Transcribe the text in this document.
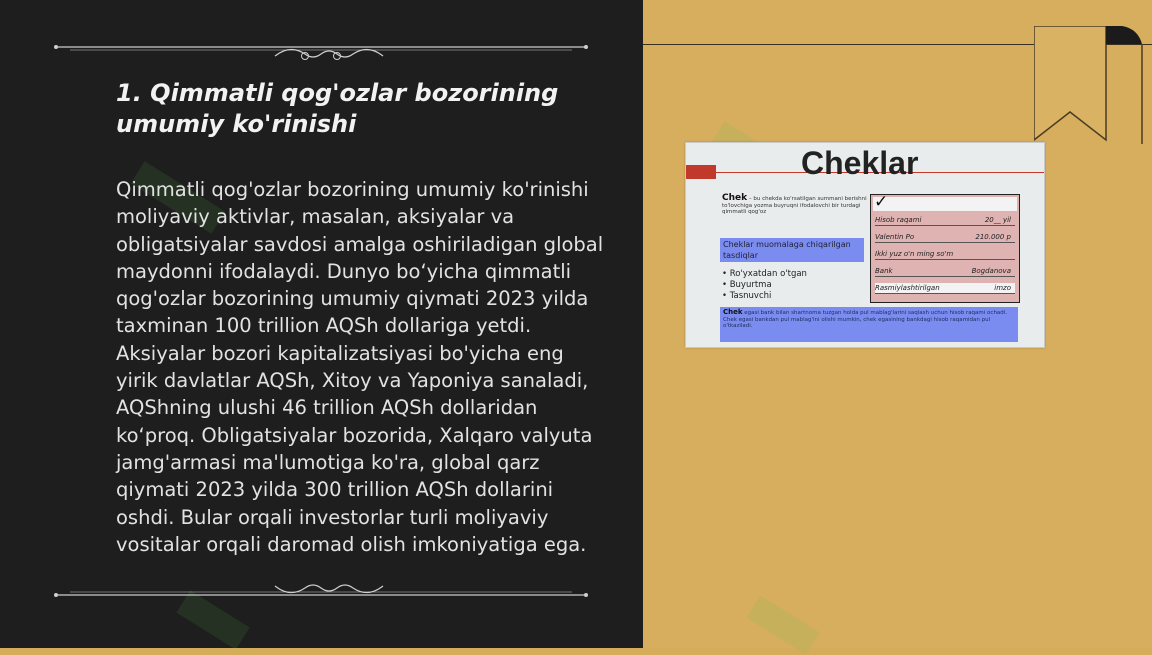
1. Qimmatli qog'ozlar bozorining umumiy ko'rinishi

Qimmatli qog'ozlar bozorining umumiy ko'rinishi moliyaviy aktivlar, masalan, aksiyalar va obligatsiyalar savdosi amalga oshiriladigan global maydonni ifodalaydi. Dunyo bo‘yicha qimmatli qog'ozlar bozorining umumiy qiymati 2023 yilda taxminan 100 trillion AQSh dollariga yetdi. Aksiyalar bozori kapitalizatsiyasi bo'yicha eng yirik davlatlar AQSh, Xitoy va Yaponiya sanaladi, AQShning ulushi 46 trillion AQSh dollaridan ko‘proq. Obligatsiyalar bozorida, Xalqaro valyuta jamg'armasi ma'lumotiga ko'ra, global qarz qiymati 2023 yilda 300 trillion AQSh dollarini oshdi. Bular orqali investorlar turli moliyaviy vositalar orqali daromad olish imkoniyatiga ega.

Cheklar
Chek – bu chekda ko'rsatilgan summani berishni to'lovchiga yozma buyruqni ifodalovchi bir turdagi qimmatli qog'oz
Cheklar muomalaga chiqarilgan tasdiqlar
• Ro'yxatdan o'tgan
• Buyurtma
• Tasnuvchi
✓
Hisob raqami	20__ yil
Valentin Po	210.000 p
Ikki yuz o'n ming so'm
Bank	Bogdanova
Rasmiylashtirilgan	imzo
Chek egasi bank bilan shartnoma tuzgan holda pul mablag'larini saqlash uchun hisob raqami ochadi. Chek egasi bankdan pul mablag'ini olishi mumkin, chek egasining bankdagi hisob raqamidan pul o'tkaziladi.
